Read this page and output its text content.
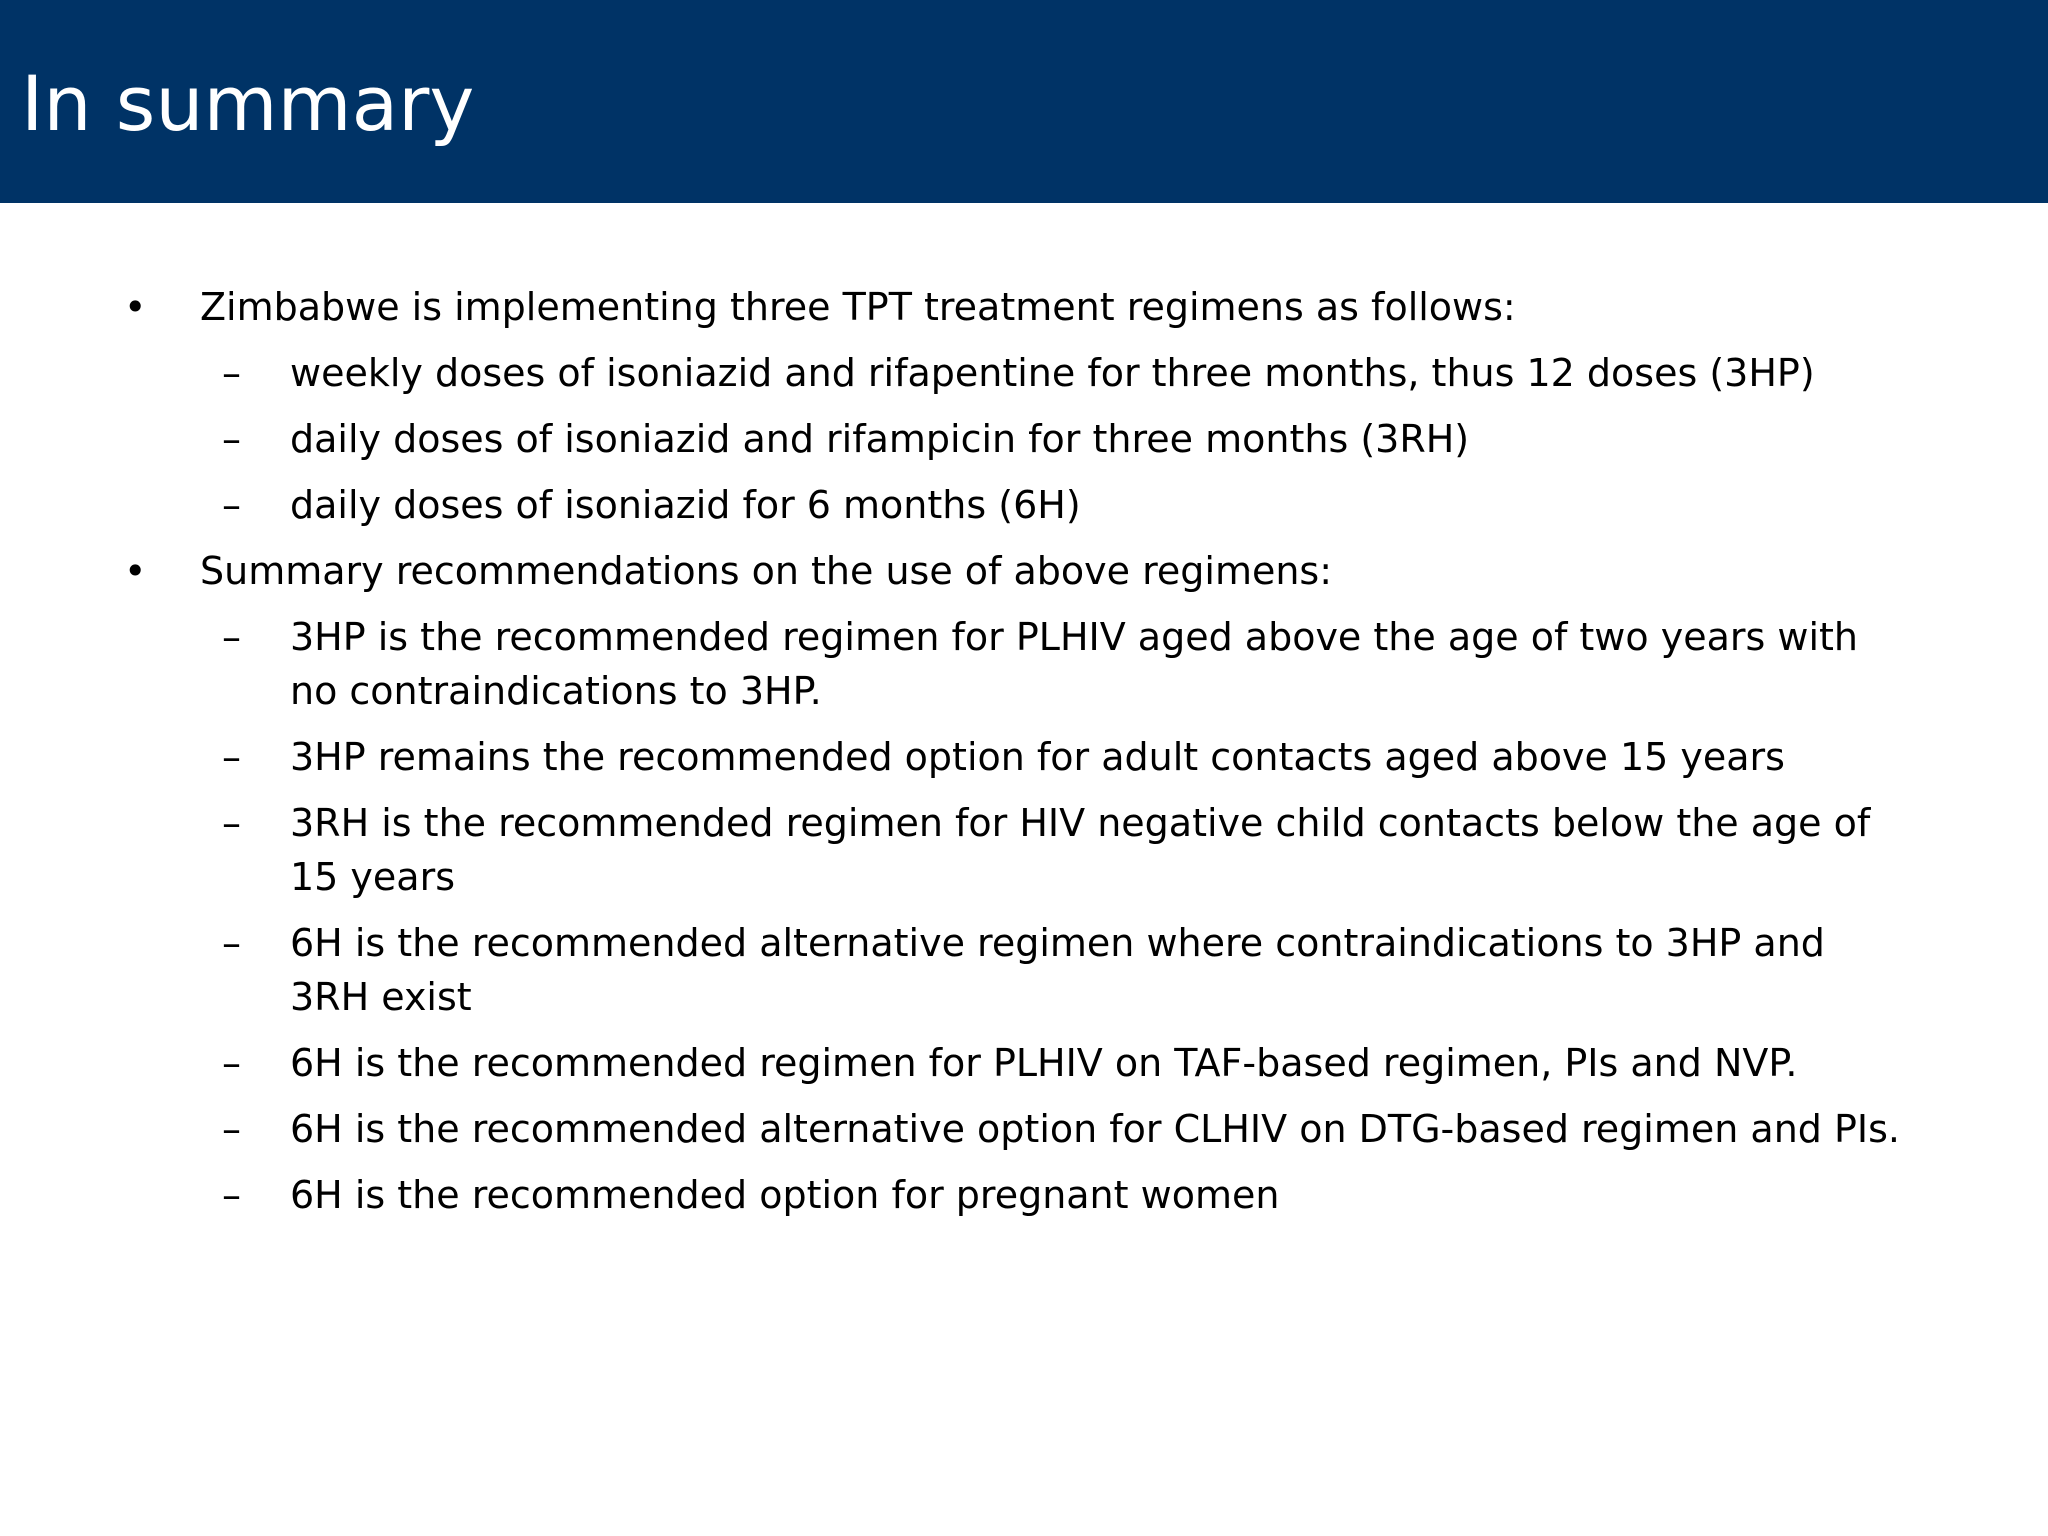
In summary
• Zimbabwe is implementing three TPT treatment regimens as follows:
– weekly doses of isoniazid and rifapentine for three months, thus 12 doses (3HP)
– daily doses of isoniazid and rifampicin for three months (3RH)
– daily doses of isoniazid for 6 months (6H)
• Summary recommendations on the use of above regimens:
– 3HP is the recommended regimen for PLHIV aged above the age of two years with no contraindications to 3HP.
– 3HP remains the recommended option for adult contacts aged above 15 years
– 3RH is the recommended regimen for HIV negative child contacts below the age of 15 years
– 6H is the recommended alternative regimen where contraindications to 3HP and 3RH exist
– 6H is the recommended regimen for PLHIV on TAF-based regimen, PIs and NVP.
– 6H is the recommended alternative option for CLHIV on DTG-based regimen and PIs.
– 6H is the recommended option for pregnant women
